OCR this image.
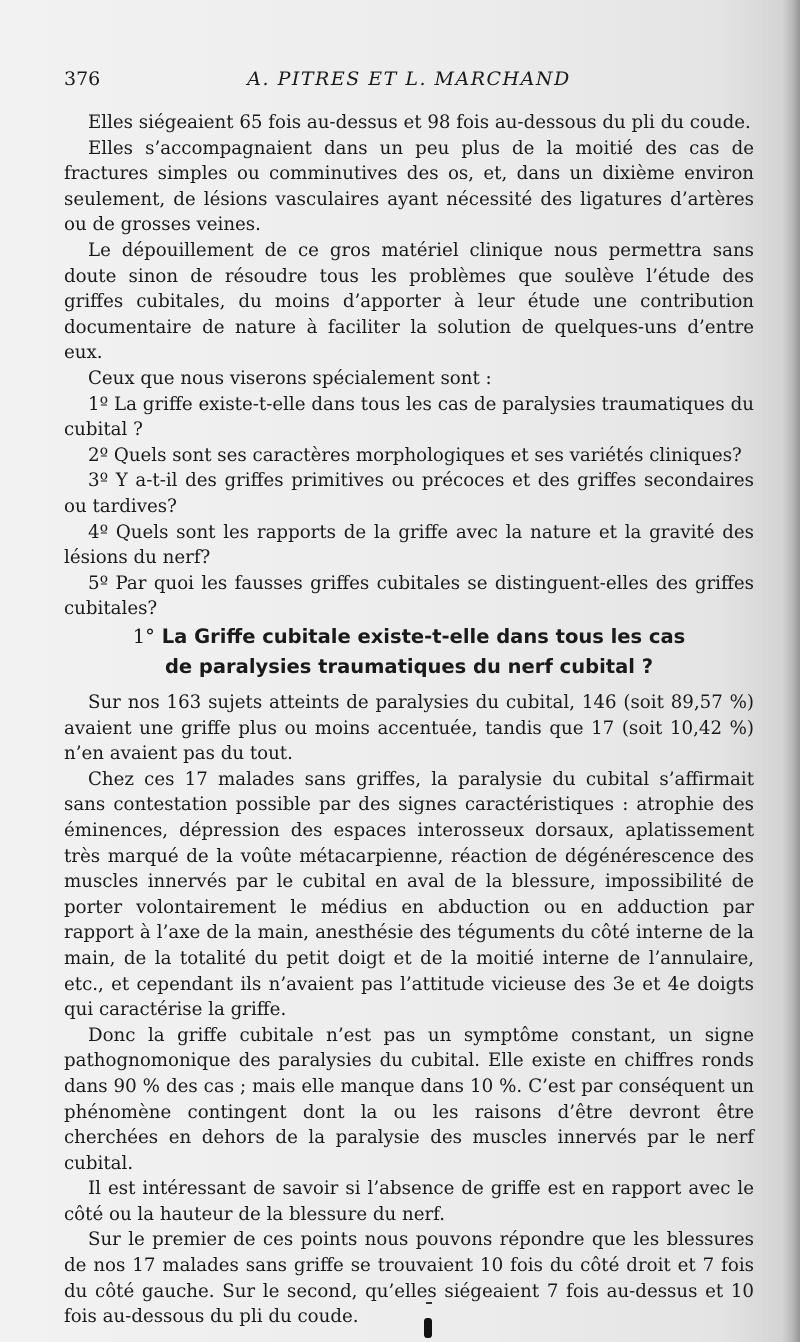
376	A. PITRES ET L. MARCHAND

Elles siégeaient 65 fois au-dessus et 98 fois au-dessous du pli du coude.

Elles s’accompagnaient dans un peu plus de la moitié des cas de fractures simples ou comminutives des os, et, dans un dixième environ seulement, de lésions vasculaires ayant nécessité des ligatures d’artères ou de grosses veines.

Le dépouillement de ce gros matériel clinique nous permettra sans doute sinon de résoudre tous les problèmes que soulève l’étude des griffes cubitales, du moins d’apporter à leur étude une contribution documentaire de nature à faciliter la solution de quelques-uns d’entre eux.

Ceux que nous viserons spécialement sont :

1º La griffe existe-t-elle dans tous les cas de paralysies traumatiques du cubital ?

2º Quels sont ses caractères morphologiques et ses variétés cliniques?

3º Y a-t-il des griffes primitives ou précoces et des griffes secondaires ou tardives?

4º Quels sont les rapports de la griffe avec la nature et la gravité des lésions du nerf?

5º Par quoi les fausses griffes cubitales se distinguent-elles des griffes cubitales?

1° La Griffe cubitale existe-t-elle dans tous les cas
de paralysies traumatiques du nerf cubital ?

Sur nos 163 sujets atteints de paralysies du cubital, 146 (soit 89,57 %) avaient une griffe plus ou moins accentuée, tandis que 17 (soit 10,42 %) n’en avaient pas du tout.

Chez ces 17 malades sans griffes, la paralysie du cubital s’affirmait sans contestation possible par des signes caractéristiques : atrophie des éminences, dépression des espaces interosseux dorsaux, aplatissement très marqué de la voûte métacarpienne, réaction de dégénérescence des muscles innervés par le cubital en aval de la blessure, impossibilité de porter volontairement le médius en abduction ou en adduction par rapport à l’axe de la main, anesthésie des téguments du côté interne de la main, de la totalité du petit doigt et de la moitié interne de l’annulaire, etc., et cependant ils n’avaient pas l’attitude vicieuse des 3e et 4e doigts qui caractérise la griffe.

Donc la griffe cubitale n’est pas un symptôme constant, un signe pathognomonique des paralysies du cubital. Elle existe en chiffres ronds dans 90 % des cas ; mais elle manque dans 10 %. C’est par conséquent un phénomène contingent dont la ou les raisons d’être devront être cherchées en dehors de la paralysie des muscles innervés par le nerf cubital.

Il est intéressant de savoir si l’absence de griffe est en rapport avec le côté ou la hauteur de la blessure du nerf.

Sur le premier de ces points nous pouvons répondre que les blessures de nos 17 malades sans griffe se trouvaient 10 fois du côté droit et 7 fois du côté gauche. Sur le second, qu’elles siégeaient 7 fois au-dessus et 10 fois au-dessous du pli du coude.
